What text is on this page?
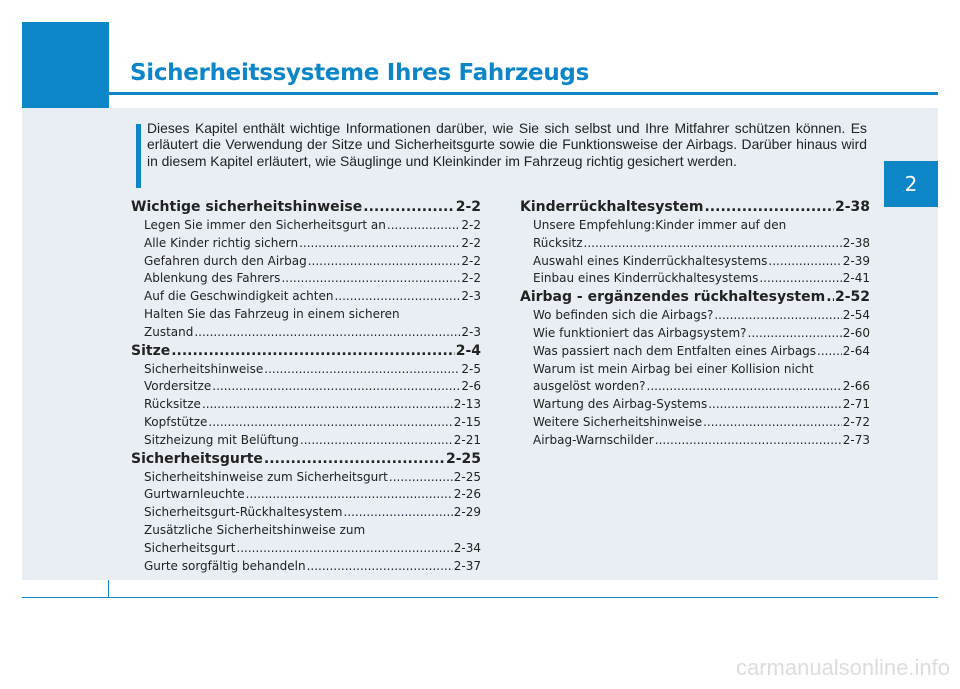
Sicherheitssysteme Ihres Fahrzeugs
2
Dieses Kapitel enthält wichtige Informationen darüber, wie Sie sich selbst und Ihre Mitfahrer schützen können. Es erläutert die Verwendung der Sitze und Sicherheitsgurte sowie die Funktionsweise der Airbags. Darüber hinaus wird in diesem Kapitel erläutert, wie Säuglinge und Kleinkinder im Fahrzeug richtig gesichert werden.
Wichtige sicherheitshinweise .....	2-2
Legen Sie immer den Sicherheitsgurt an .....	2-2
Alle Kinder richtig sichern .....	2-2
Gefahren durch den Airbag .....	2-2
Ablenkung des Fahrers .....	2-2
Auf die Geschwindigkeit achten .....	2-3
Halten Sie das Fahrzeug in einem sicheren
Zustand .....	2-3
Sitze .....	2-4
Sicherheitshinweise .....	2-5
Vordersitze .....	2-6
Rücksitze .....	2-13
Kopfstütze .....	2-15
Sitzheizung mit Belüftung .....	2-21
Sicherheitsgurte .....	2-25
Sicherheitshinweise zum Sicherheitsgurt .....	2-25
Gurtwarnleuchte .....	2-26
Sicherheitsgurt-Rückhaltesystem .....	2-29
Zusätzliche Sicherheitshinweise zum
Sicherheitsgurt .....	2-34
Gurte sorgfältig behandeln .....	2-37
Kinderrückhaltesystem .....	2-38
Unsere Empfehlung:Kinder immer auf den
Rücksitz .....	2-38
Auswahl eines Kinderrückhaltesystems .....	2-39
Einbau eines Kinderrückhaltesystems .....	2-41
Airbag - ergänzendes rückhaltesystem ..... 2-52
Wo befinden sich die Airbags? .....	2-54
Wie funktioniert das Airbagsystem? .....	2-60
Was passiert nach dem Entfalten eines Airbags ..... 2-64
Warum ist mein Airbag bei einer Kollision nicht
ausgelöst worden? .....	2-66
Wartung des Airbag-Systems .....	2-71
Weitere Sicherheitshinweise .....	2-72
Airbag-Warnschilder .....	2-73
carmanualsonline.info
